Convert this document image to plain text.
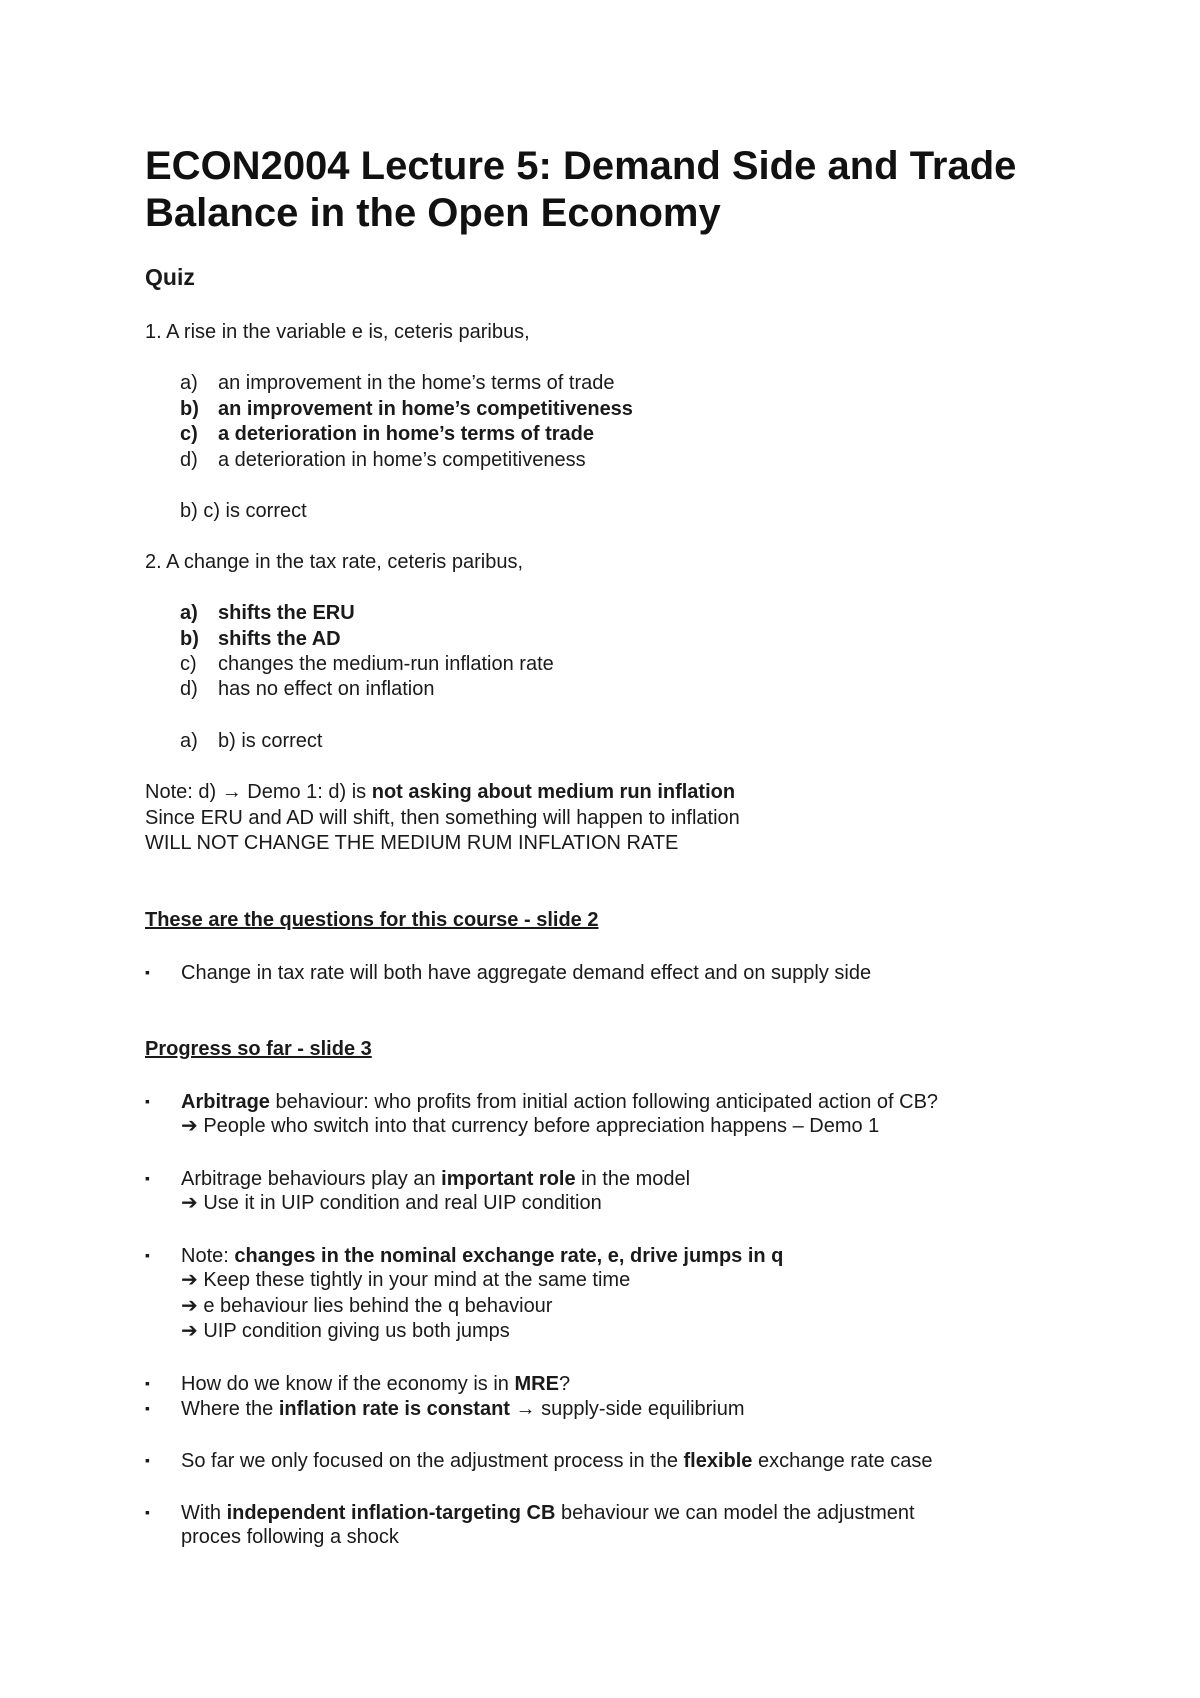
ECON2004 Lecture 5: Demand Side and Trade Balance in the Open Economy
Quiz
1. A rise in the variable e is, ceteris paribus,
a) an improvement in the home’s terms of trade
b) an improvement in home’s competitiveness
c) a deterioration in home’s terms of trade
d) a deterioration in home’s competitiveness
b) c) is correct
2. A change in the tax rate, ceteris paribus,
a) shifts the ERU
b) shifts the AD
c) changes the medium-run inflation rate
d) has no effect on inflation
a) b) is correct
Note: d) → Demo 1: d) is not asking about medium run inflation
Since ERU and AD will shift, then something will happen to inflation
WILL NOT CHANGE THE MEDIUM RUM INFLATION RATE
These are the questions for this course - slide 2
▪ Change in tax rate will both have aggregate demand effect and on supply side
Progress so far - slide 3
▪ Arbitrage behaviour: who profits from initial action following anticipated action of CB?
➔ People who switch into that currency before appreciation happens – Demo 1
▪ Arbitrage behaviours play an important role in the model
➔ Use it in UIP condition and real UIP condition
▪ Note: changes in the nominal exchange rate, e, drive jumps in q
➔ Keep these tightly in your mind at the same time
➔ e behaviour lies behind the q behaviour
➔ UIP condition giving us both jumps
▪ How do we know if the economy is in MRE?
▪ Where the inflation rate is constant → supply-side equilibrium
▪ So far we only focused on the adjustment process in the flexible exchange rate case
▪ With independent inflation-targeting CB behaviour we can model the adjustment
proces following a shock
